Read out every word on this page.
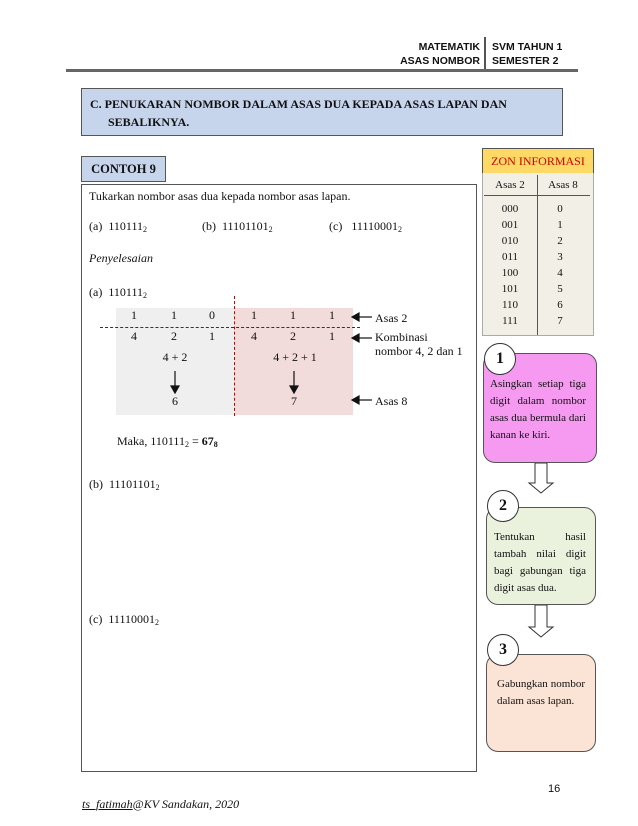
MATEMATIK
ASAS NOMBOR
SVM TAHUN 1
SEMESTER 2
C. PENUKARAN NOMBOR DALAM ASAS DUA KEPADA ASAS LAPAN DAN
SEBALIKNYA.
CONTOH 9
Tukarkan nombor asas dua kepada nombor asas lapan.
(a) $110111_2$	(b) $11101101_2$	(c) $11110001_2$
Penyelesaian
(a) $110111_2$
1	1	0	1	1	1
4	2	1	4	2	1
4 + 2	4 + 2 + 1
6	7
Asas 2
Kombinasi
nombor 4, 2 dan 1
Asas 8
Maka, $110111_2 = 67_8$
(b) $11101101_2$
(c) $11110001_2$
ZON INFORMASI
Asas 2	Asas 8
000	0
001	1
010	2
011	3
100	4
101	5
110	6
111	7
1
Asingkan setiap tiga digit dalam nombor asas dua bermula dari kanan ke kiri.
2
Tentukan hasil tambah nilai digit bagi gabungan tiga digit asas dua.
3
Gabungkan nombor dalam asas lapan.
16
ts_fatimah@KV Sandakan, 2020
